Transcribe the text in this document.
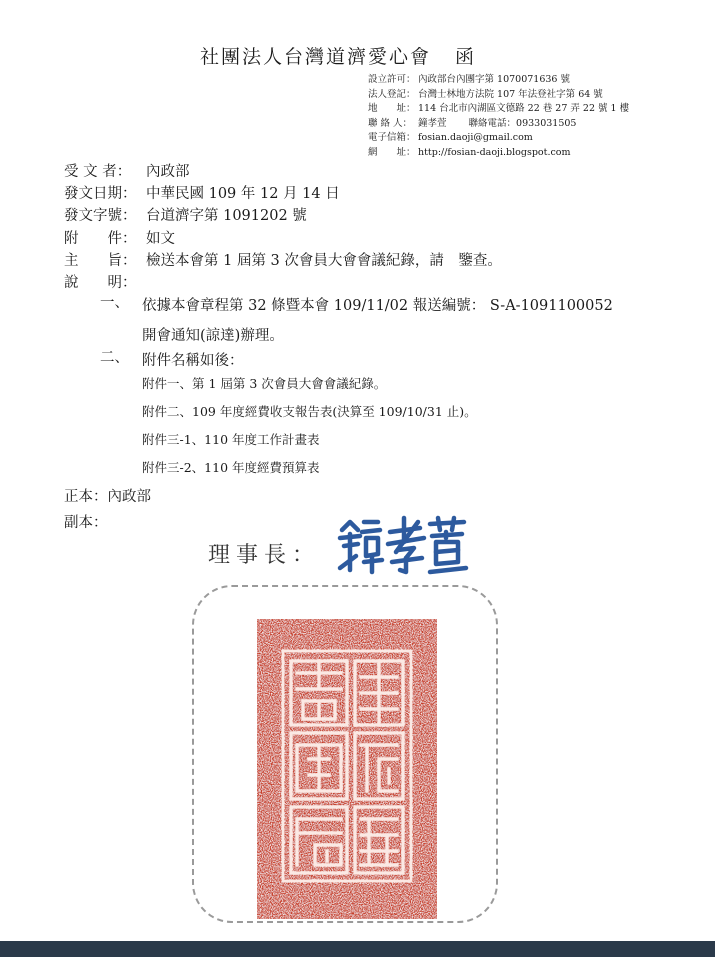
社團法人台灣道濟愛心會 函
設立許可： 內政部台內團字第 1070071636 號
法人登記： 台灣士林地方法院 107 年法登社字第 64 號
地　　址： 114 台北市內湖區文德路 22 巷 27 弄 22 號 1 樓
聯 絡 人： 鐘孝萱 聯絡電話：0933031505
電子信箱： fosian.daoji@gmail.com
網　　址： http://fosian-daoji.blogspot.com
受 文 者： 內政部
發文日期： 中華民國 109 年 12 月 14 日
發文字號： 台道濟字第 1091202 號
附　　件： 如文
主　　旨： 檢送本會第 1 屆第 3 次會員大會會議紀錄，請　鑒查。
說　　明：
一、 依據本會章程第 32 條暨本會 109/11/02 報送編號： S-A-1091100052
開會通知(諒達)辦理。
二、 附件名稱如後：
附件一、第 1 屆第 3 次會員大會會議紀錄。
附件二、109 年度經費收支報告表(決算至 109/10/31 止)。
附件三-1、110 年度工作計畫表
附件三-2、110 年度經費預算表
正本：內政部
副本：
理事長：
台灣道濟愛心會圖記
